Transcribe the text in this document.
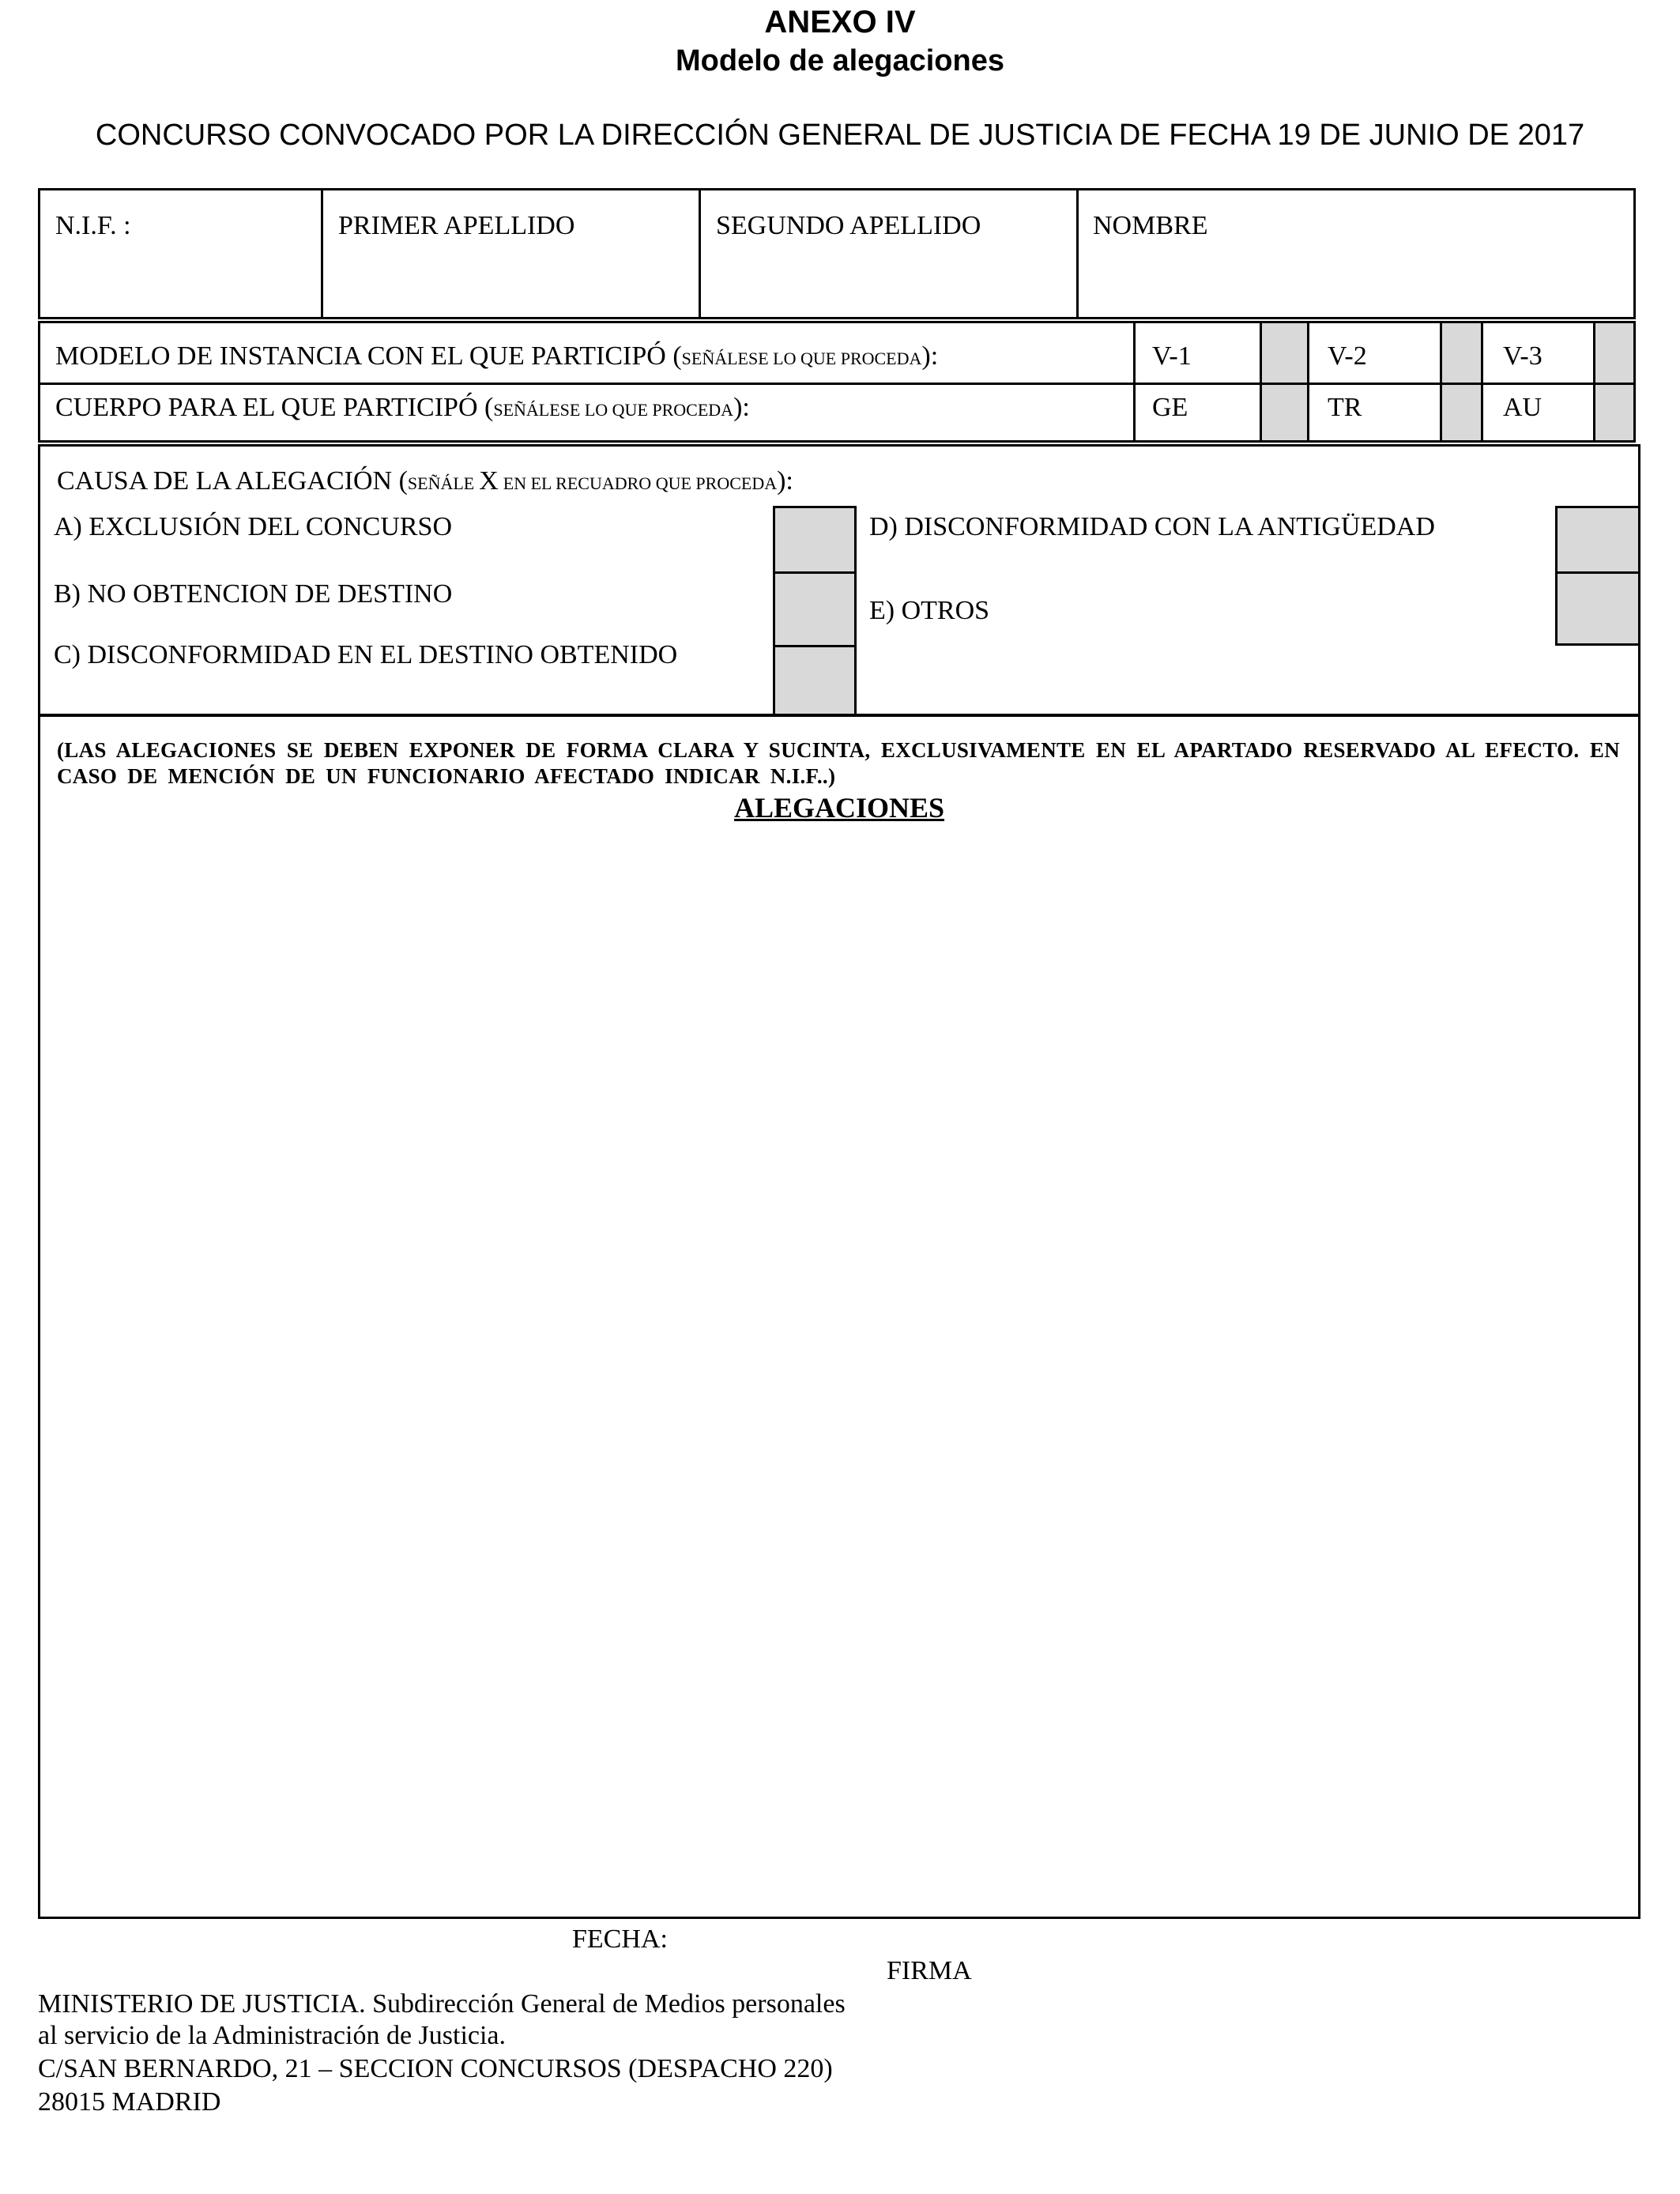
ANEXO IV
Modelo de alegaciones
CONCURSO CONVOCADO POR LA DIRECCIÓN GENERAL DE JUSTICIA DE FECHA 19 DE JUNIO DE 2017
N.I.F. :	PRIMER APELLIDO	SEGUNDO APELLIDO	NOMBRE
MODELO DE INSTANCIA CON EL QUE PARTICIPÓ (SEÑÁLESE LO QUE PROCEDA):	V-1	V-2	V-3
CUERPO PARA EL QUE PARTICIPÓ (SEÑÁLESE LO QUE PROCEDA):	GE	TR	AU
CAUSA DE LA ALEGACIÓN (SEÑÁLE X EN EL RECUADRO QUE PROCEDA):
A) EXCLUSIÓN DEL CONCURSO
B) NO OBTENCION DE DESTINO
C) DISCONFORMIDAD EN EL DESTINO OBTENIDO
D) DISCONFORMIDAD CON LA ANTIGÜEDAD
E) OTROS
(LAS ALEGACIONES SE DEBEN EXPONER DE FORMA CLARA Y SUCINTA, EXCLUSIVAMENTE EN EL APARTADO RESERVADO AL EFECTO. EN CASO DE MENCIÓN DE UN FUNCIONARIO AFECTADO INDICAR N.I.F..)
ALEGACIONES
FECHA:
FIRMA
MINISTERIO DE JUSTICIA. Subdirección General de Medios personales
al servicio de la Administración de Justicia.
C/SAN BERNARDO, 21 – SECCION CONCURSOS (DESPACHO 220)
28015 MADRID
